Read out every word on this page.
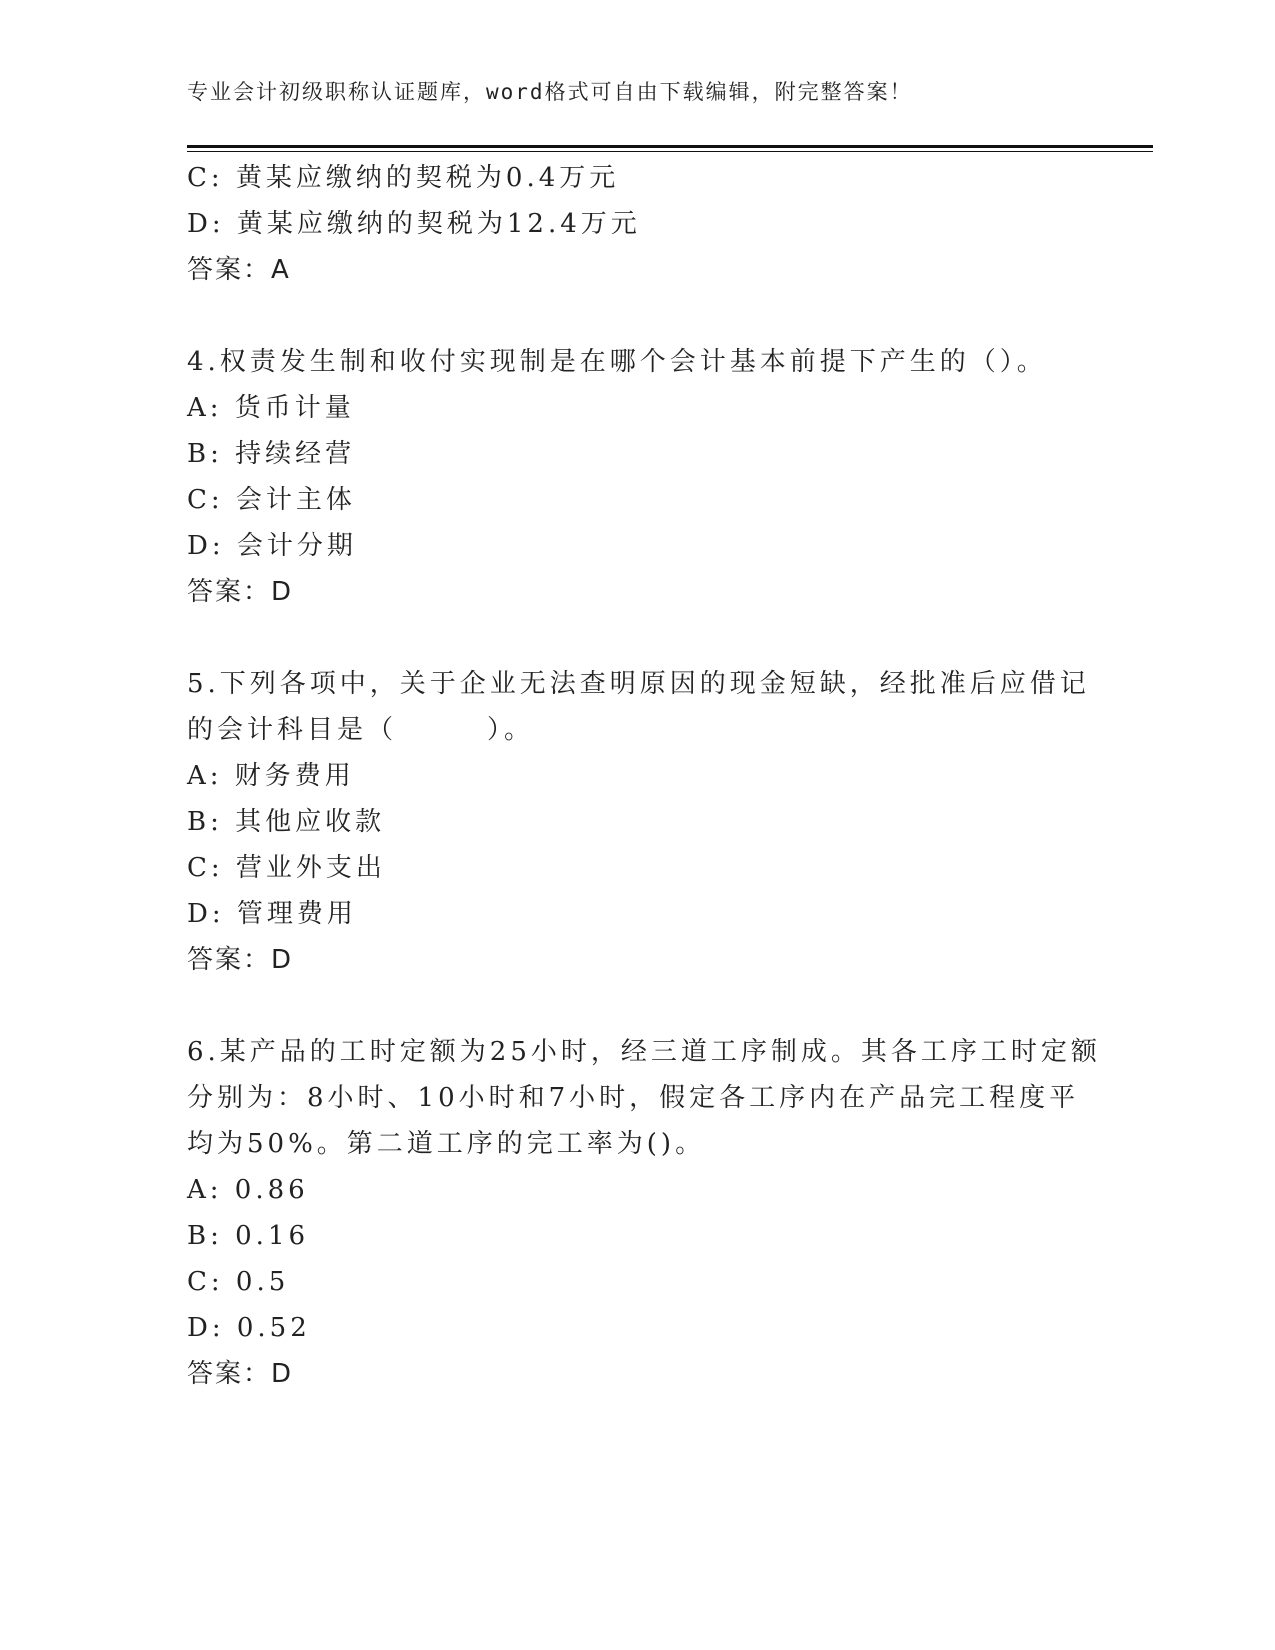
专业会计初级职称认证题库，word格式可自由下载编辑，附完整答案！
C: 黄某应缴纳的契税为0.4万元
D: 黄某应缴纳的契税为12.4万元
答案：A
4.权责发生制和收付实现制是在哪个会计基本前提下产生的（）。
A: 货币计量
B: 持续经营
C: 会计主体
D: 会计分期
答案：D
5.下列各项中，关于企业无法查明原因的现金短缺，经批准后应借记
的会计科目是（　　　）。
A: 财务费用
B: 其他应收款
C: 营业外支出
D: 管理费用
答案：D
6.某产品的工时定额为25小时，经三道工序制成。其各工序工时定额
分别为：8小时、10小时和7小时，假定各工序内在产品完工程度平
均为50%。第二道工序的完工率为()。
A: 0.86
B: 0.16
C: 0.5
D: 0.52
答案：D
